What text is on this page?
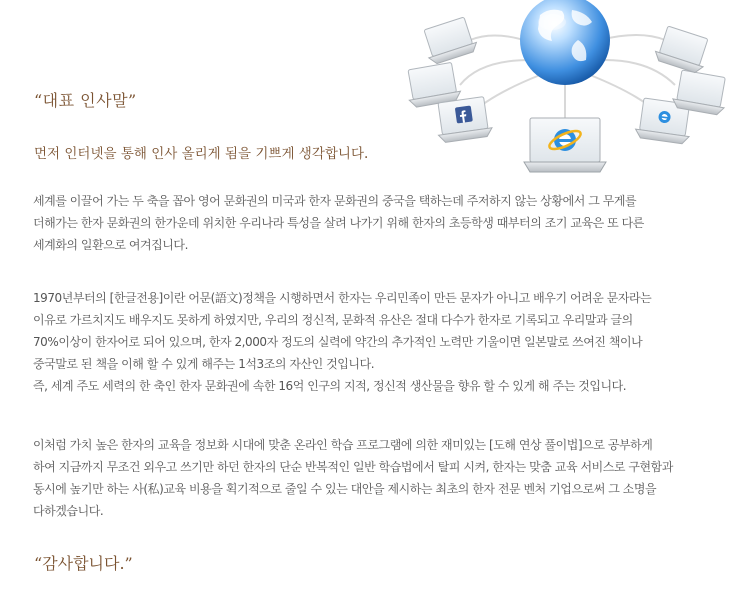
“대표 인사말”
먼저 인터넷을 통해 인사 올리게 됨을 기쁘게 생각합니다.

세계를 이끌어 가는 두 축을 꼽아 영어 문화권의 미국과 한자 문화권의 중국을 택하는데 주저하지 않는 상황에서 그 무게를

더해가는 한자 문화권의 한가운데 위치한 우리나라 특성을 살려 나가기 위해 한자의 초등학생 때부터의 조기 교육은 또 다른

세계화의 일환으로 여겨집니다.

1970년부터의 [한글전용]이란 어문(語文)정책을 시행하면서 한자는 우리민족이 만든 문자가 아니고 배우기 어려운 문자라는

이유로 가르치지도 배우지도 못하게 하였지만, 우리의 정신적, 문화적 유산은 절대 다수가 한자로 기록되고 우리말과 글의

70%이상이 한자어로 되어 있으며, 한자 2,000자 정도의 실력에 약간의 추가적인 노력만 기울이면 일본말로 쓰여진 책이나

중국말로 된 책을 이해 할 수 있게 해주는 1석3조의 자산인 것입니다.

즉, 세계 주도 세력의 한 축인 한자 문화권에 속한 16억 인구의 지적, 정신적 생산물을 향유 할 수 있게 해 주는 것입니다.

이처럼 가치 높은 한자의 교육을 정보화 시대에 맞춘 온라인 학습 프로그램에 의한 재미있는 [도해 연상 풀이법]으로 공부하게

하여 지금까지 무조건 외우고 쓰기만 하던 한자의 단순 반복적인 일반 학습법에서 탈피 시켜, 한자는 맞춤 교육 서비스로 구현함과

동시에 높기만 하는 사(私)교육 비용을 획기적으로 줄일 수 있는 대안을 제시하는 최초의 한자 전문 벤처 기업으로써 그 소명을

다하겠습니다.

“감사합니다.”
